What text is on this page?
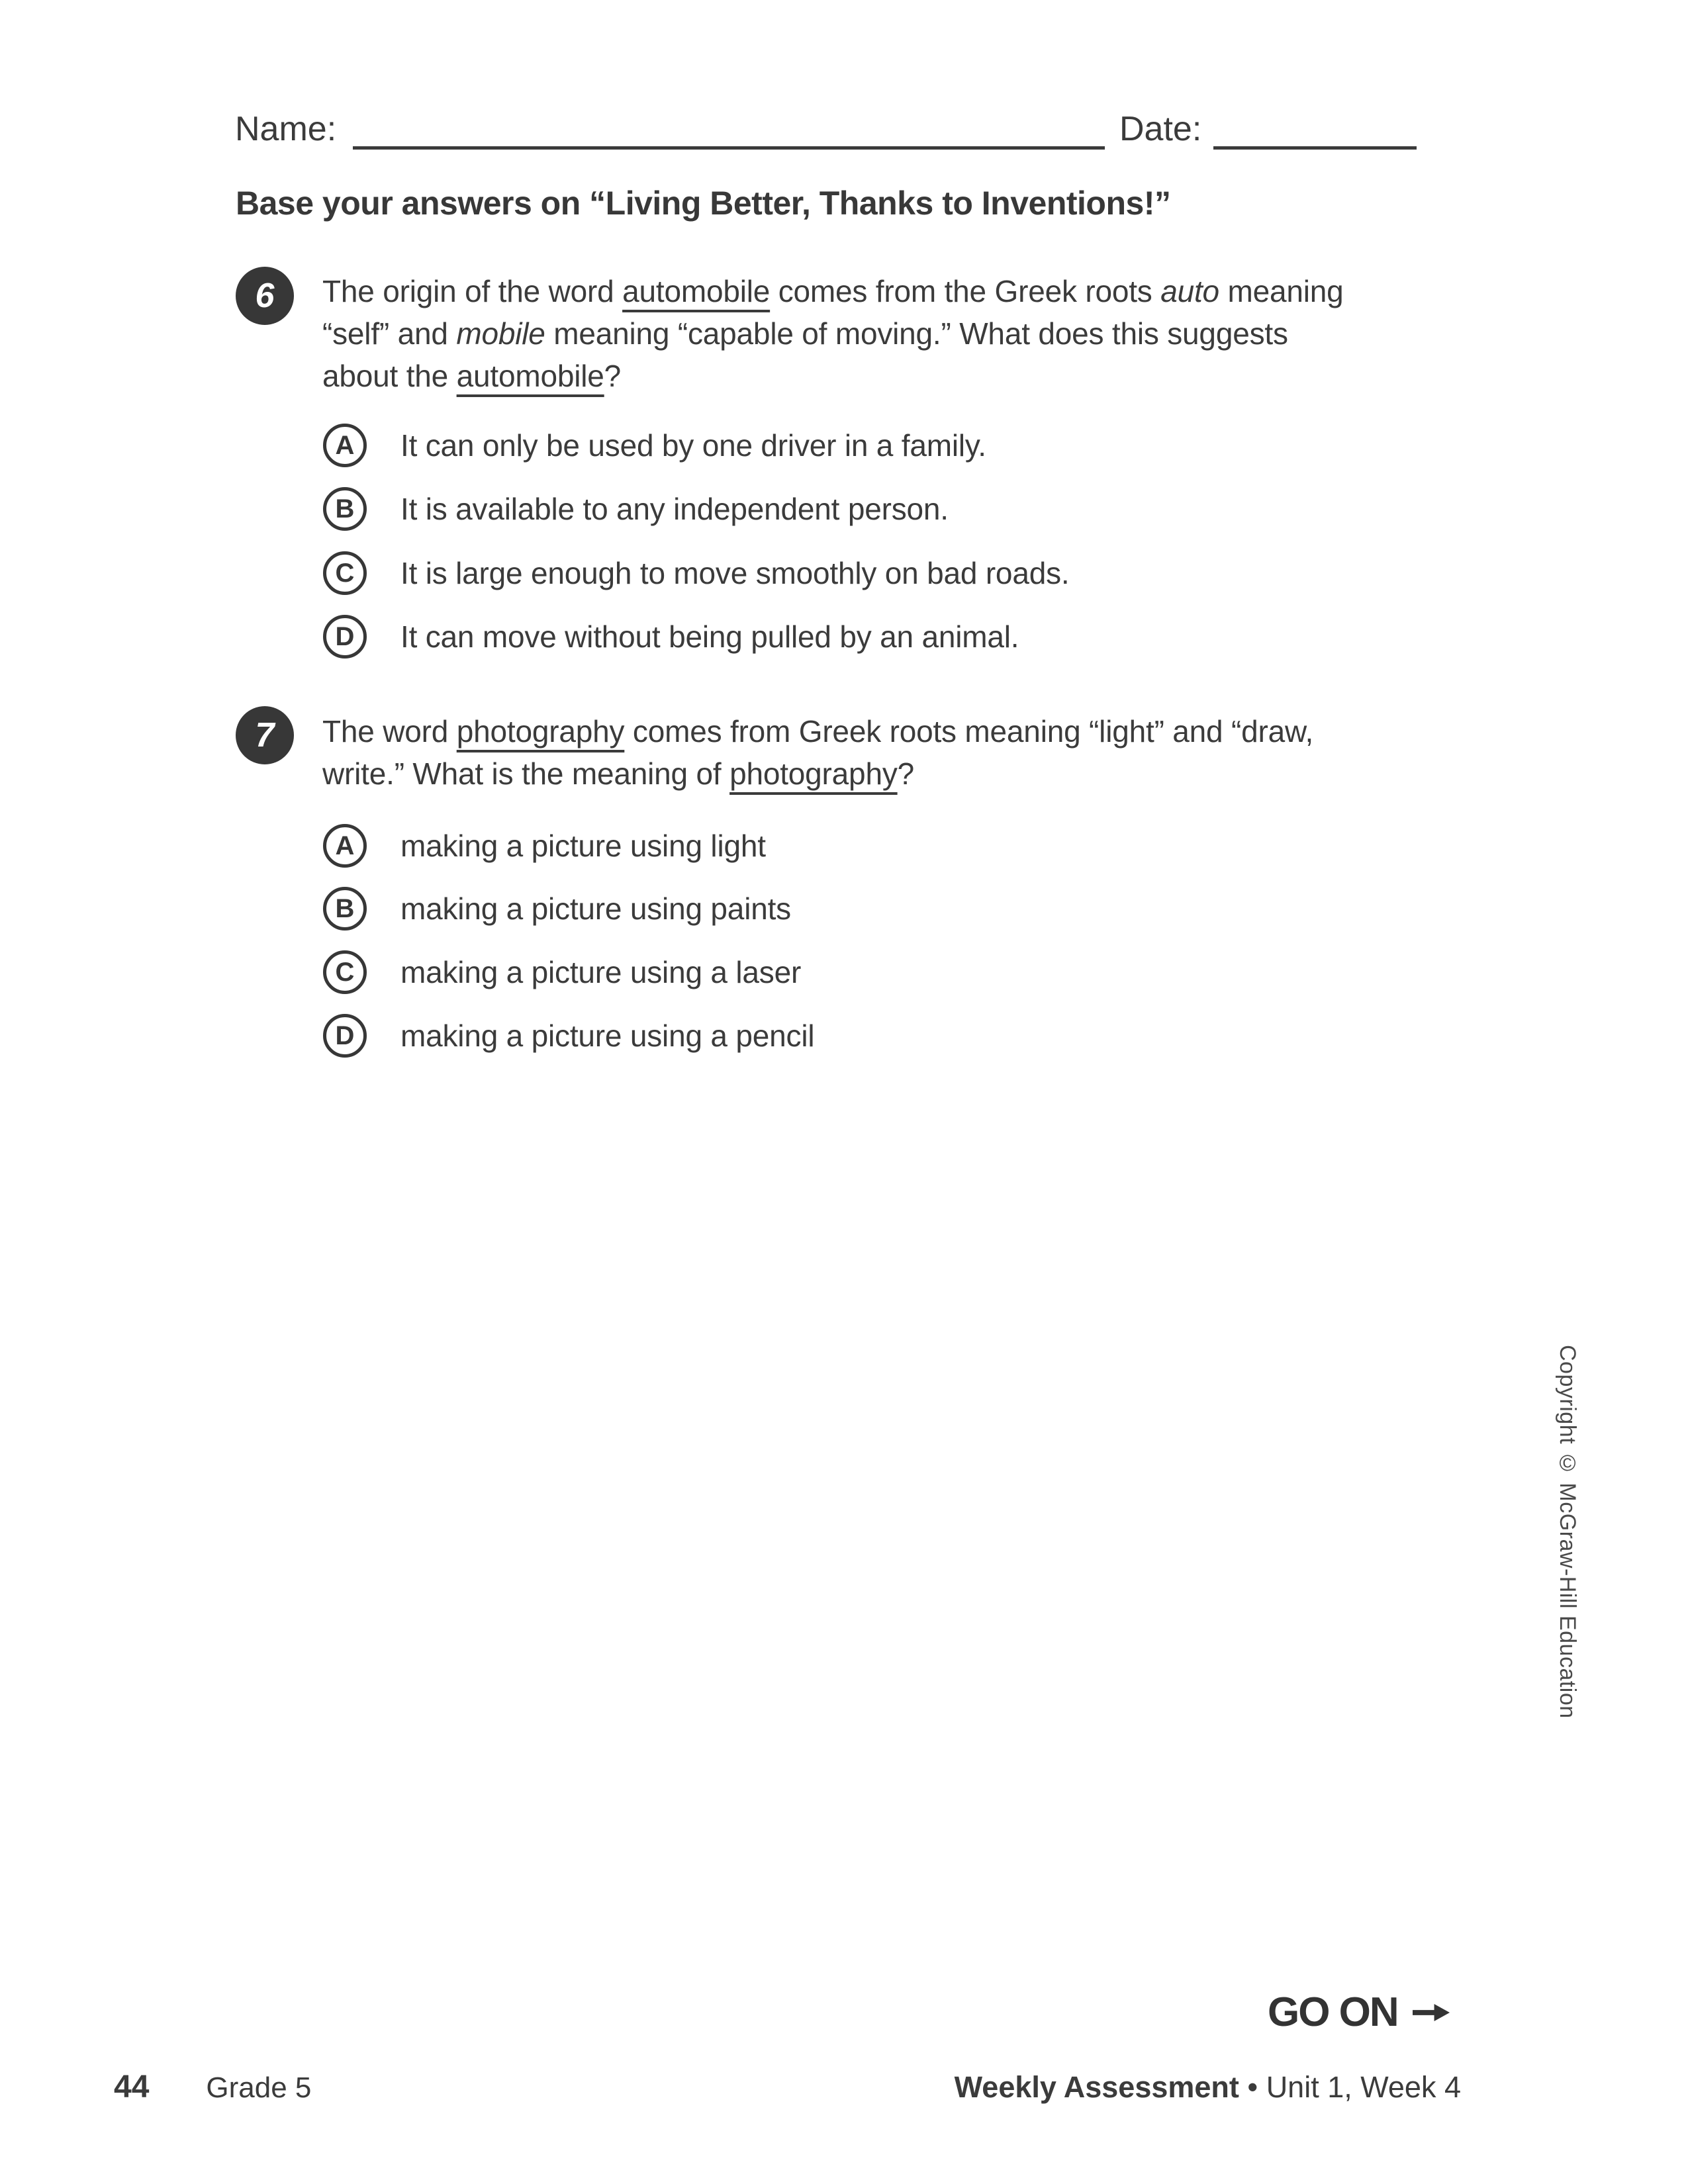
Name:	Date:
Base your answers on “Living Better, Thanks to Inventions!”
6 The origin of the word automobile comes from the Greek roots auto meaning
“self” and mobile meaning “capable of moving.” What does this suggests
about the automobile?
A	It can only be used by one driver in a family.
B	It is available to any independent person.
C	It is large enough to move smoothly on bad roads.
D	It can move without being pulled by an animal.
7 The word photography comes from Greek roots meaning “light” and “draw,
write.” What is the meaning of photography?
A	making a picture using light
B	making a picture using paints
C	making a picture using a laser
D	making a picture using a pencil
Copyright © McGraw-Hill Education
GO ON
44 Grade 5	Weekly Assessment • Unit 1, Week 4
